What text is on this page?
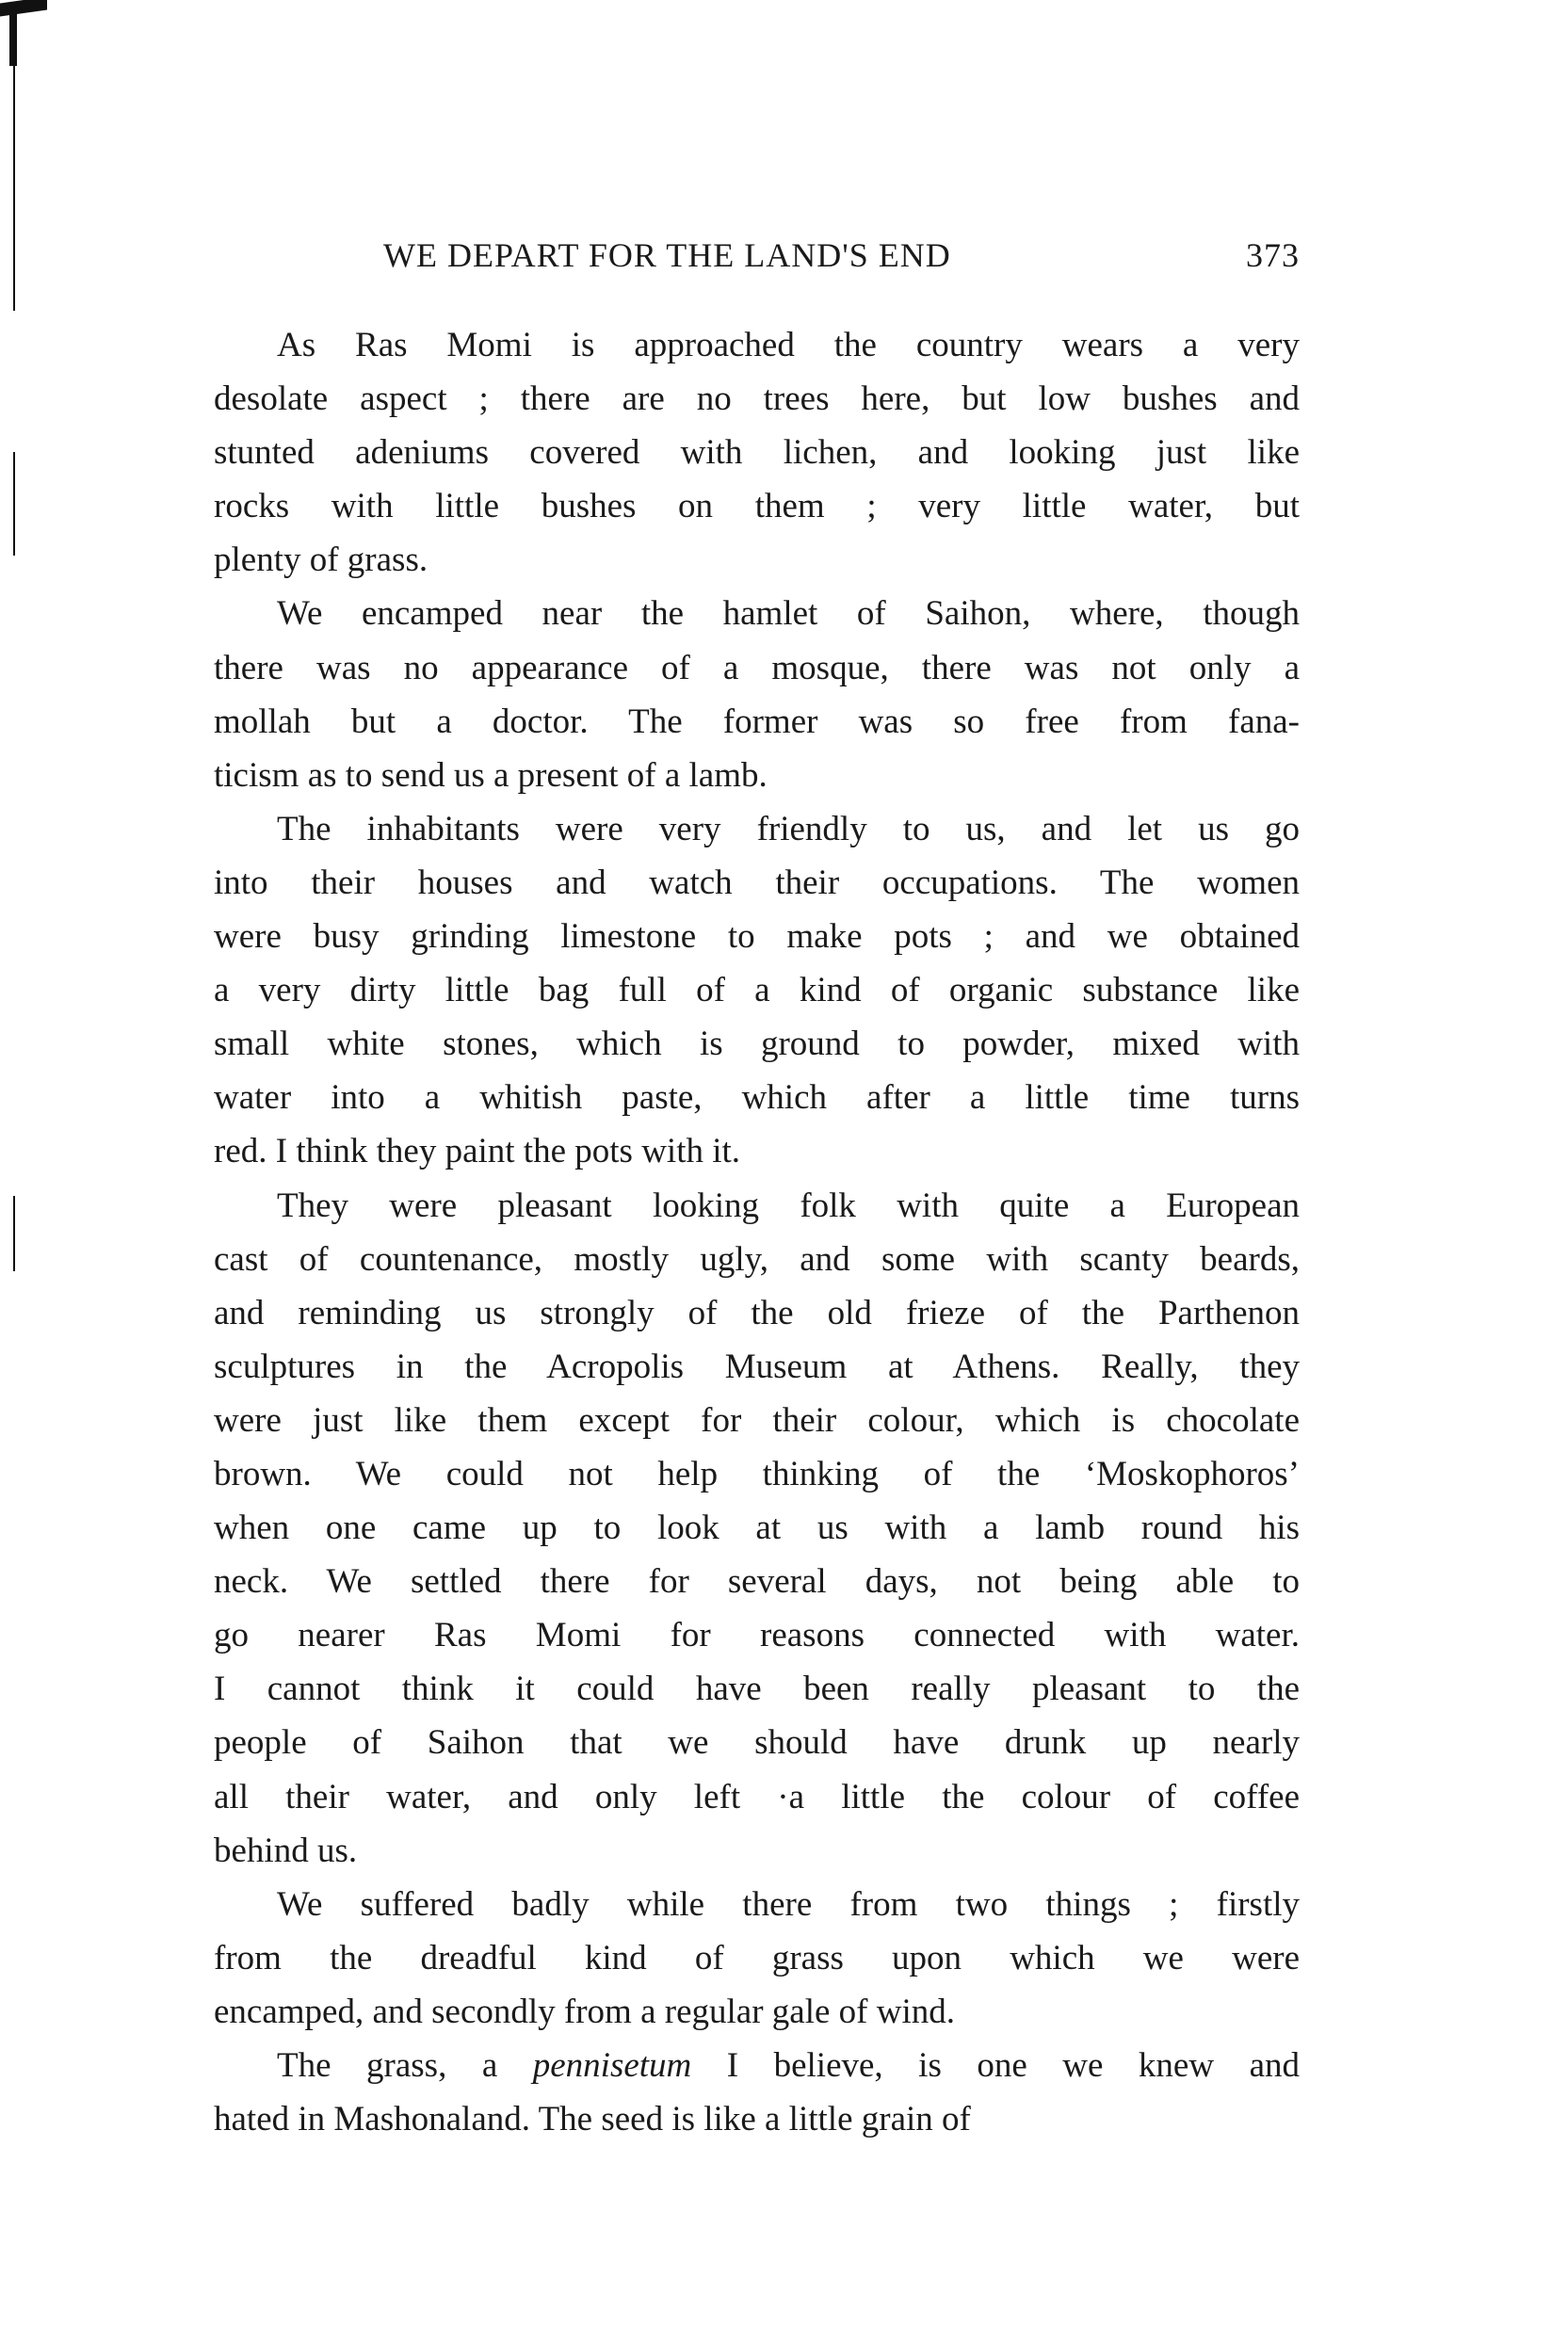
WE DEPART FOR THE LAND'S END	373
As Ras Momi is approached the country wears a very
desolate aspect ; there are no trees here, but low bushes and
stunted adeniums covered with lichen, and looking just like
rocks with little bushes on them ; very little water, but
plenty of grass.
We encamped near the hamlet of Saihon, where, though
there was no appearance of a mosque, there was not only a
mollah but a doctor. The former was so free from fana-
ticism as to send us a present of a lamb.
The inhabitants were very friendly to us, and let us go
into their houses and watch their occupations. The women
were busy grinding limestone to make pots ; and we obtained
a very dirty little bag full of a kind of organic substance like
small white stones, which is ground to powder, mixed with
water into a whitish paste, which after a little time turns
red. I think they paint the pots with it.
They were pleasant looking folk with quite a European
cast of countenance, mostly ugly, and some with scanty beards,
and reminding us strongly of the old frieze of the Parthenon
sculptures in the Acropolis Museum at Athens. Really, they
were just like them except for their colour, which is chocolate
brown. We could not help thinking of the ‘Moskophoros’
when one came up to look at us with a lamb round his
neck. We settled there for several days, not being able to
go nearer Ras Momi for reasons connected with water.
I cannot think it could have been really pleasant to the
people of Saihon that we should have drunk up nearly
all their water, and only left ·a little the colour of coffee
behind us.
We suffered badly while there from two things ; firstly
from the dreadful kind of grass upon which we were
encamped, and secondly from a regular gale of wind.
The grass, a pennisetum I believe, is one we knew and
hated in Mashonaland. The seed is like a little grain of
